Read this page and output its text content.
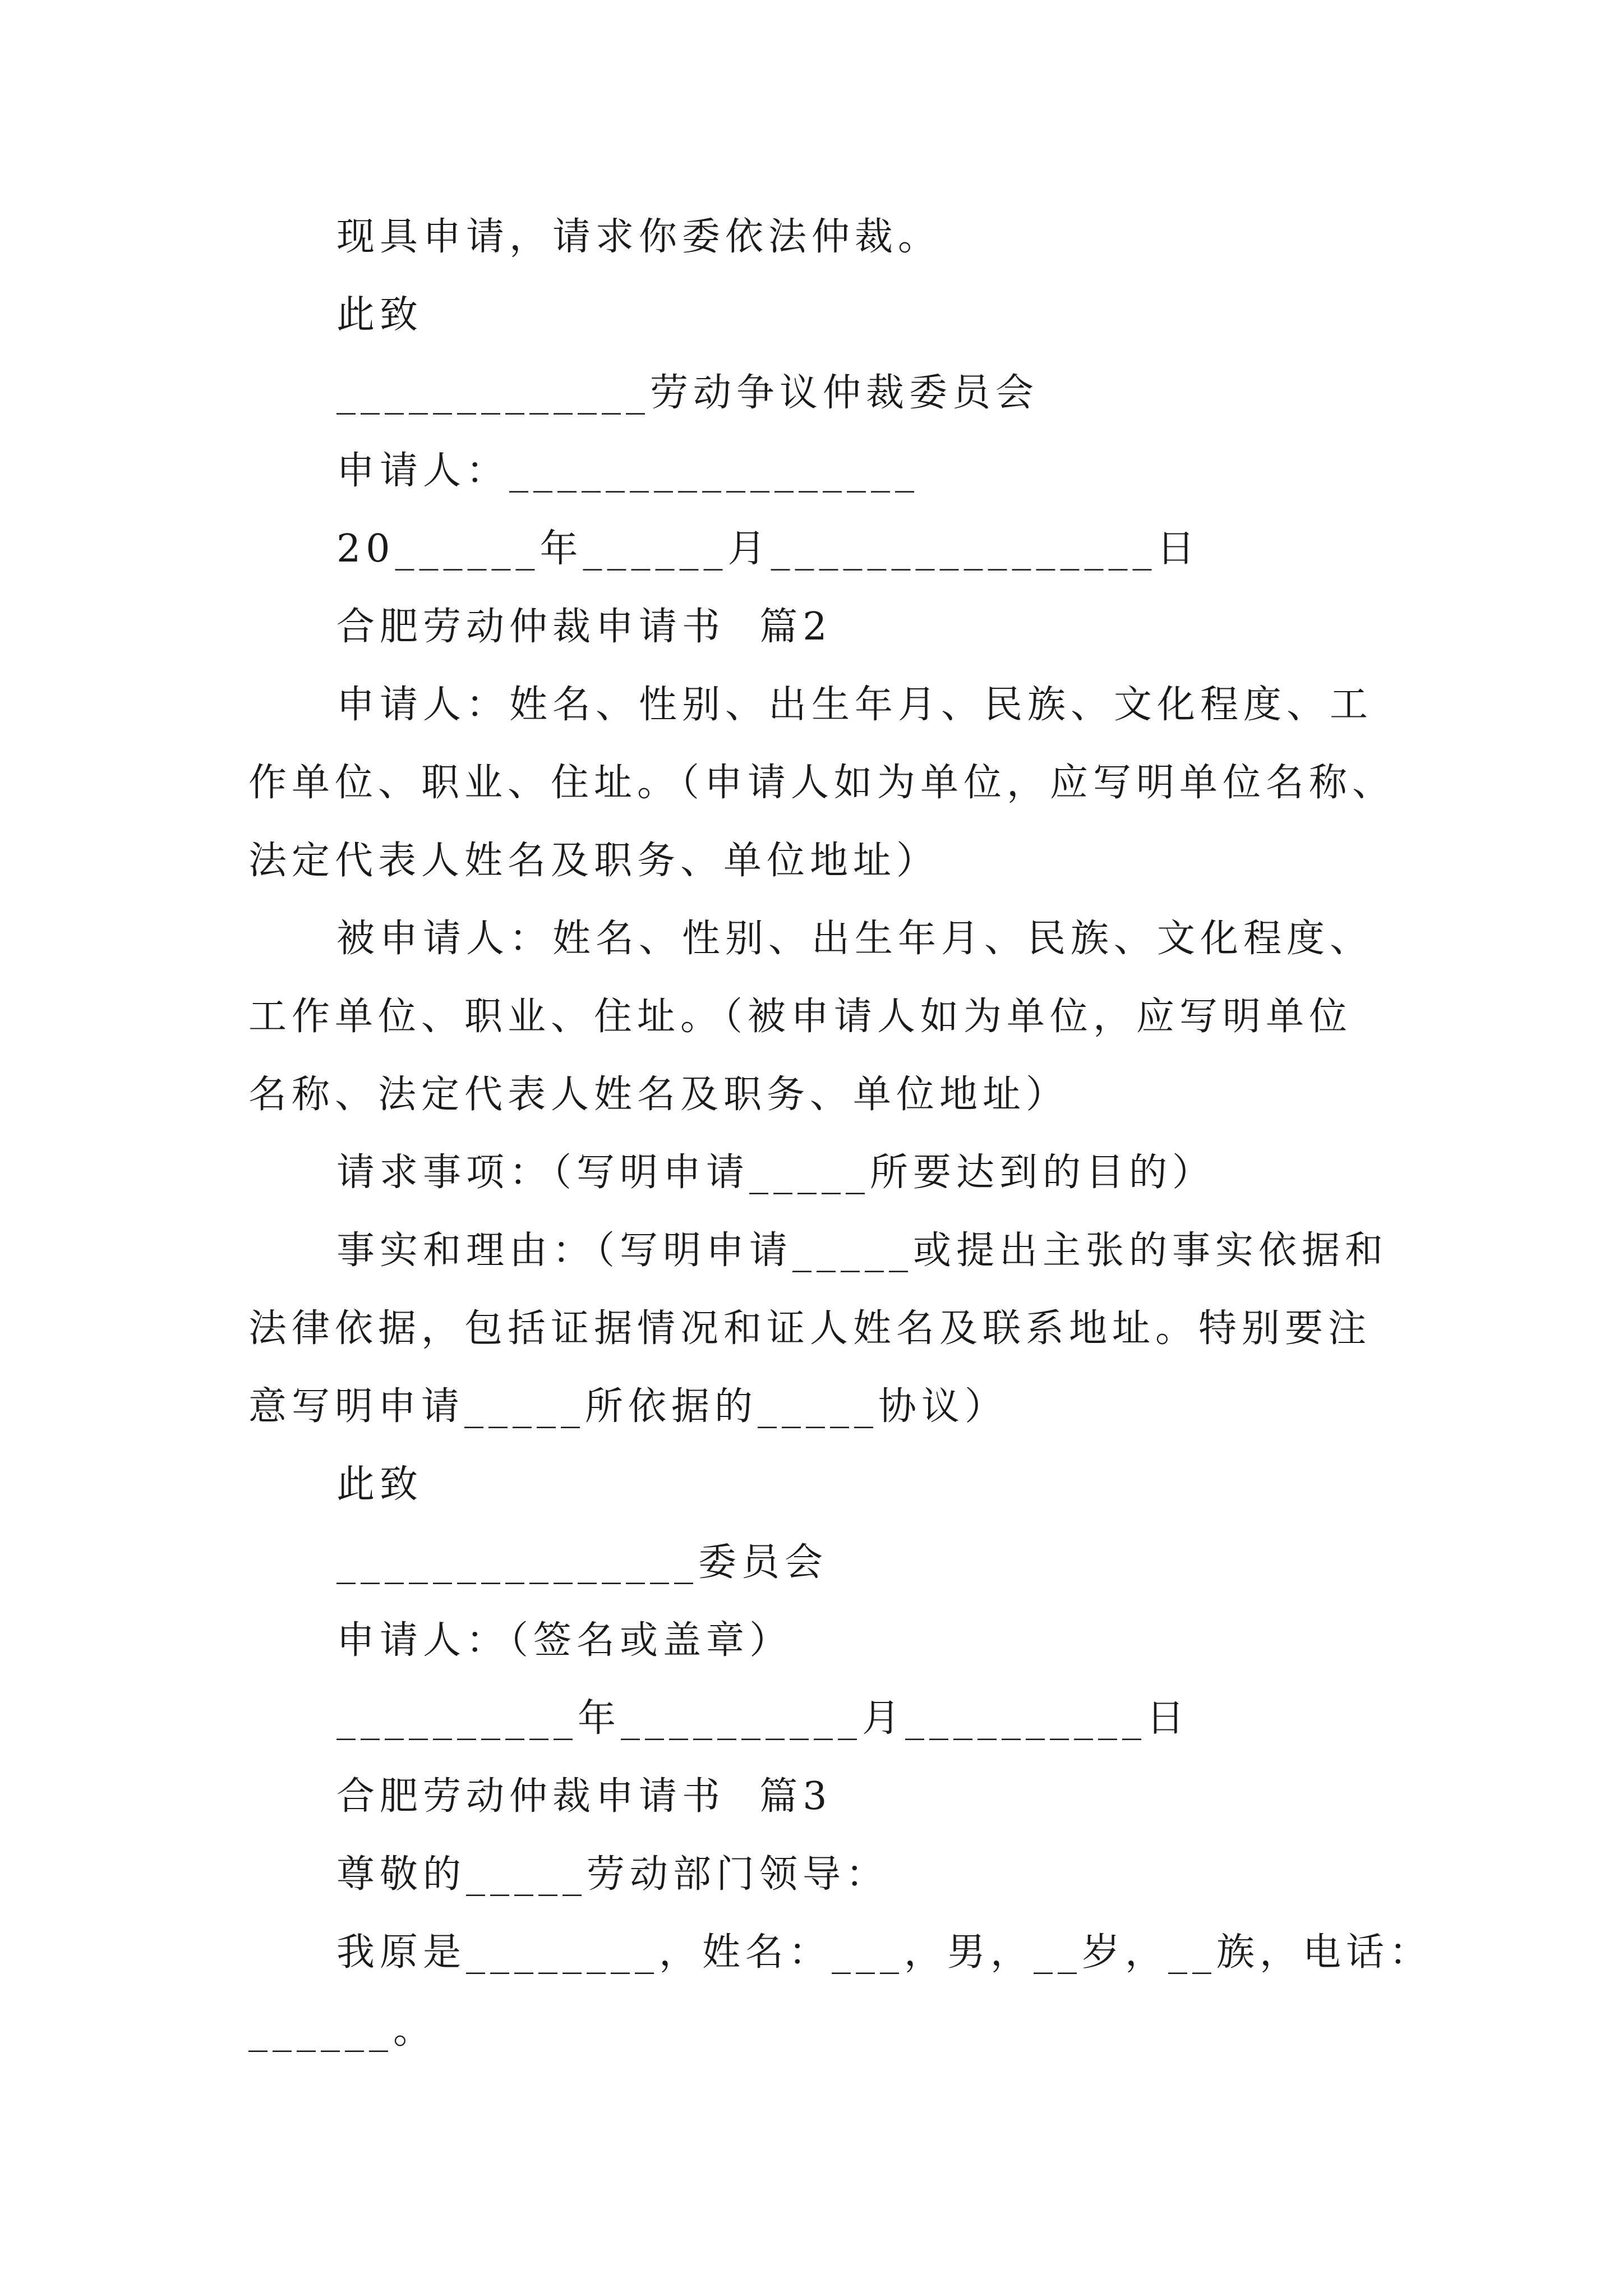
现具申请，请求你委依法仲裁。
此致
_____________劳动争议仲裁委员会
申请人：_________________
20______年______月________________日
合肥劳动仲裁申请书  篇2
申请人：姓名、性别、出生年月、民族、文化程度、工
作单位、职业、住址。（申请人如为单位，应写明单位名称、
法定代表人姓名及职务、单位地址）
被申请人：姓名、性别、出生年月、民族、文化程度、
工作单位、职业、住址。（被申请人如为单位，应写明单位
名称、法定代表人姓名及职务、单位地址）
请求事项：（写明申请_____所要达到的目的）
事实和理由：（写明申请_____或提出主张的事实依据和
法律依据，包括证据情况和证人姓名及联系地址。特别要注
意写明申请_____所依据的_____协议）
此致
_______________委员会
申请人：（签名或盖章）
__________年__________月__________日
合肥劳动仲裁申请书  篇3
尊敬的_____劳动部门领导：
我原是________，姓名：___，男，__岁，__族，电话：
______。
